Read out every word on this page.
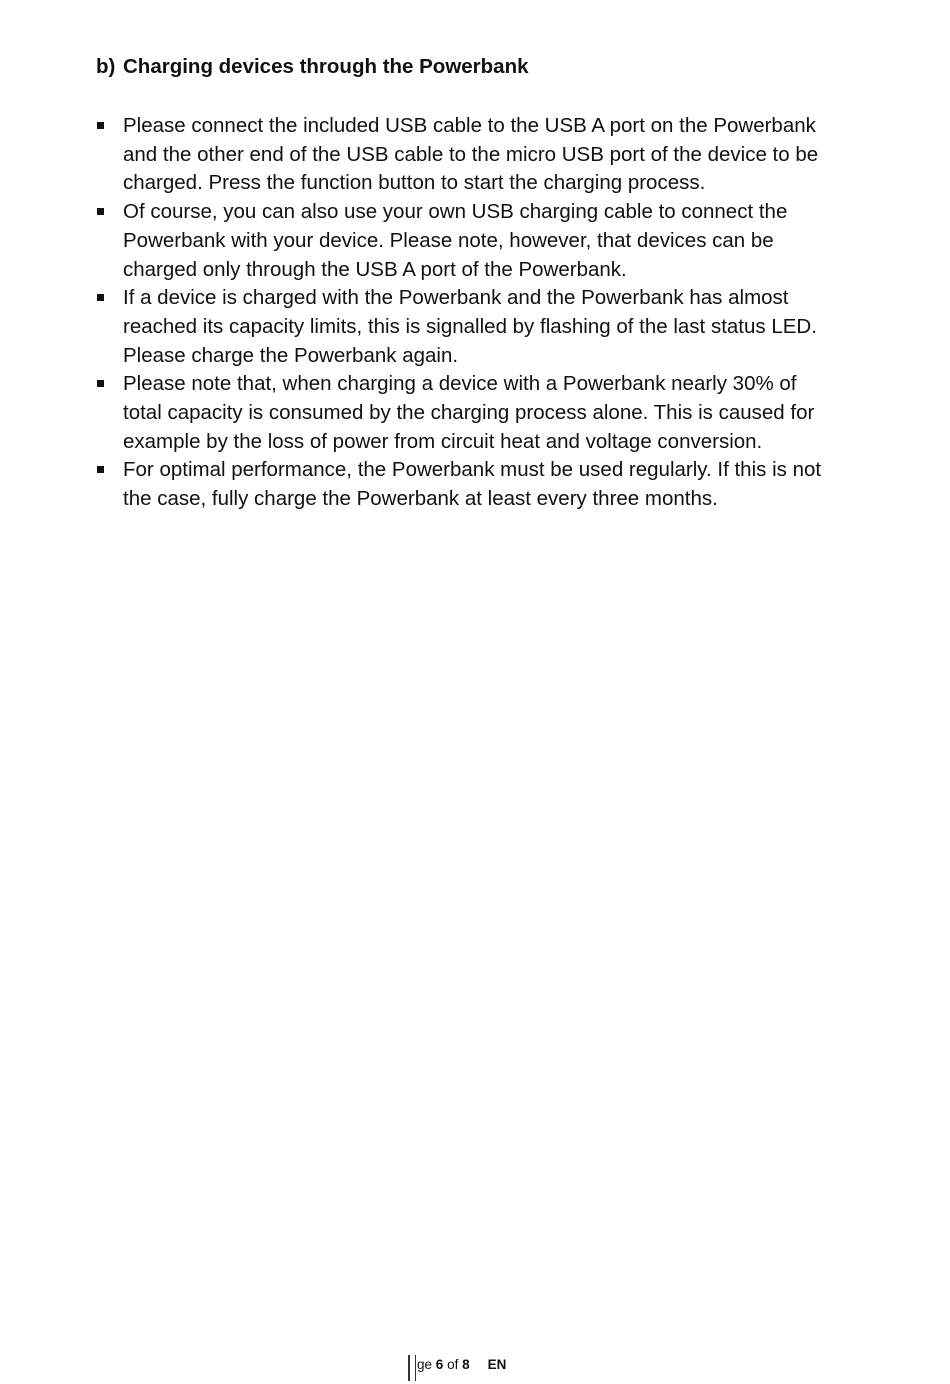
b) Charging devices through the Powerbank
Please connect the included USB cable to the USB A port on the Powerbank and the other end of the USB cable to the micro USB port of the device to be charged. Press the function button to start the charging process.
Of course, you can also use your own USB charging cable to connect the Powerbank with your device. Please note, however, that devices can be charged only through the USB A port of the Powerbank.
If a device is charged with the Powerbank and the Powerbank has almost reached its capacity limits, this is signalled by flashing of the last status LED. Please charge the Powerbank again.
Please note that, when charging a device with a Powerbank nearly 30% of total capacity is consumed by the charging process alone. This is caused for example by the loss of power from circuit heat and voltage conversion.
For optimal performance, the Powerbank must be used regularly. If this is not the case, fully charge the Powerbank at least every three months.
ge 6 of 8 EN
